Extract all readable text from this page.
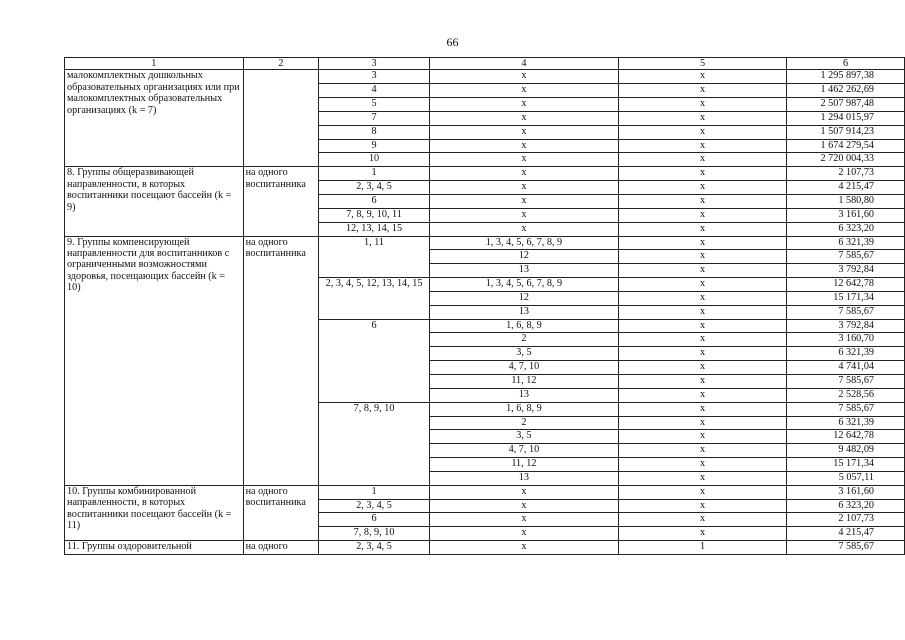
66
1	2	3	4	5	6
малокомплектных дошкольных образовательных организациях или при малокомплектных образовательных организациях (k = 7)		3	x	x	1 295 897,38
		4	x	x	1 462 262,69
		5	x	x	2 507 987,48
		7	x	x	1 294 015,97
		8	x	x	1 507 914,23
		9	x	x	1 674 279,54
		10	x	x	2 720 004,33
8. Группы общеразвивающей направленности, в которых воспитанники посещают бассейн (k = 9)	на одного воспитанника	1	x	x	2 107,73
		2, 3, 4, 5	x	x	4 215,47
		6	x	x	1 580,80
		7, 8, 9, 10, 11	x	x	3 161,60
		12, 13, 14, 15	x	x	6 323,20
9. Группы компенсирующей направленности для воспитанников с ограниченными возможностями здоровья, посещающих бассейн (k = 10)	на одного воспитанника	1, 11	1, 3, 4, 5, 6, 7, 8, 9	x	6 321,39
			12	x	7 585,67
			13	x	3 792,84
		2, 3, 4, 5, 12, 13, 14, 15	1, 3, 4, 5, 6, 7, 8, 9	x	12 642,78
			12	x	15 171,34
			13	x	7 585,67
		6	1, 6, 8, 9	x	3 792,84
			2	x	3 160,70
			3, 5	x	6 321,39
			4, 7, 10	x	4 741,04
			11, 12	x	7 585,67
			13	x	2 528,56
		7, 8, 9, 10	1, 6, 8, 9	x	7 585,67
			2	x	6 321,39
			3, 5	x	12 642,78
			4, 7, 10	x	9 482,09
			11, 12	x	15 171,34
			13	x	5 057,11
10. Группы комбинированной направленности, в которых воспитанники посещают бассейн (k = 11)	на одного воспитанника	1	x	x	3 161,60
		2, 3, 4, 5	x	x	6 323,20
		6	x	x	2 107,73
		7, 8, 9, 10	x	x	4 215,47
11. Группы оздоровительной	на одного	2, 3, 4, 5	x	1	7 585,67
